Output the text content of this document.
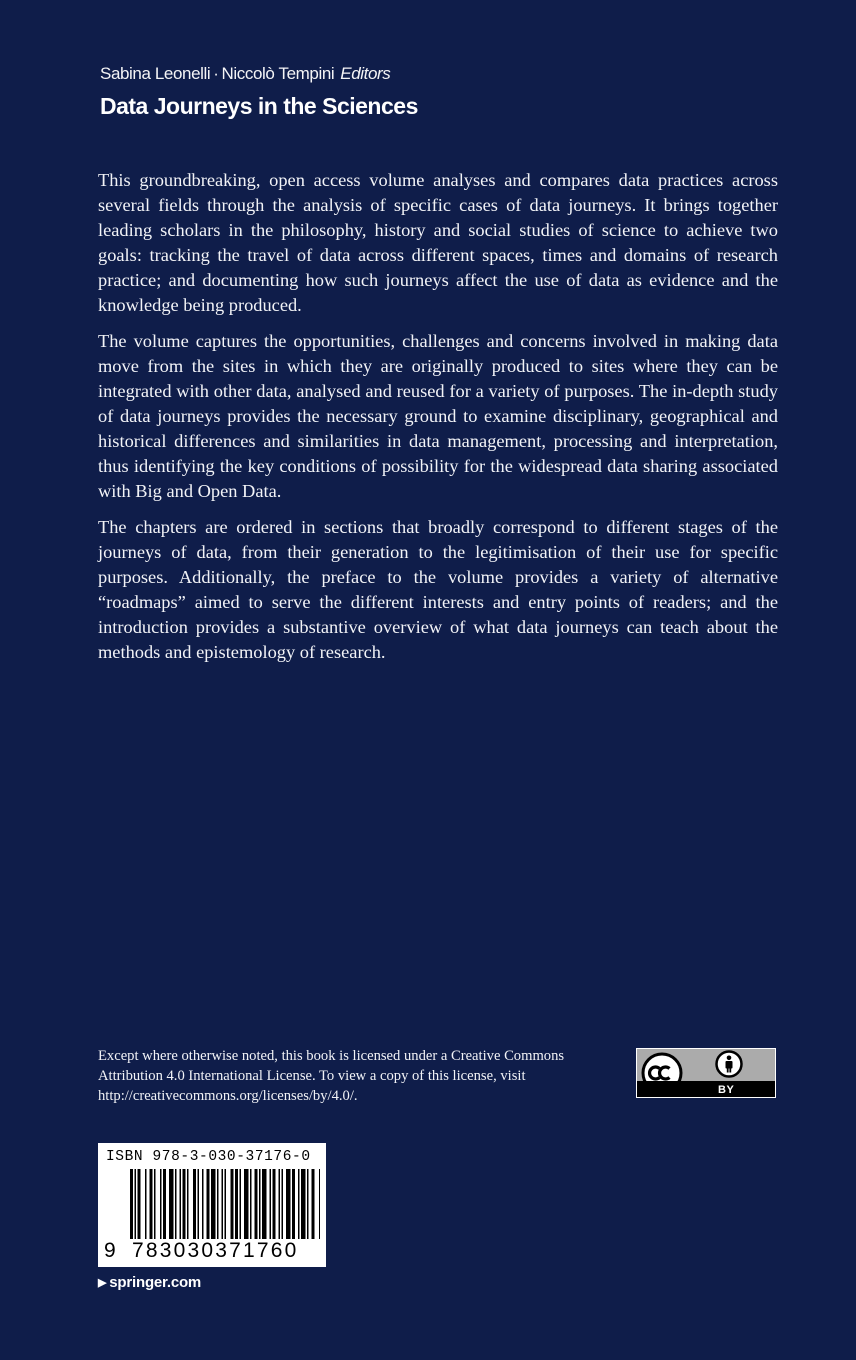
Sabina Leonelli · Niccolò Tempini Editors
Data Journeys in the Sciences

This groundbreaking, open access volume analyses and compares data practices across several fields through the analysis of specific cases of data journeys. It brings together leading scholars in the philosophy, history and social studies of science to achieve two goals: tracking the travel of data across different spaces, times and domains of research practice; and documenting how such journeys affect the use of data as evidence and the knowledge being produced.

The volume captures the opportunities, challenges and concerns involved in making data move from the sites in which they are originally produced to sites where they can be integrated with other data, analysed and reused for a variety of purposes. The in-depth study of data journeys provides the necessary ground to examine disciplinary, geographical and historical differences and similarities in data management, processing and interpretation, thus identifying the key conditions of possibility for the widespread data sharing associated with Big and Open Data.

The chapters are ordered in sections that broadly correspond to different stages of the journeys of data, from their generation to the legitimisation of their use for specific purposes. Additionally, the preface to the volume provides a variety of alternative “roadmaps” aimed to serve the different interests and entry points of readers; and the introduction provides a substantive overview of what data journeys can teach about the methods and epistemology of research.

Except where otherwise noted, this book is licensed under a Creative Commons Attribution 4.0 International License. To view a copy of this license, visit http://creativecommons.org/licenses/by/4.0/.	BY
ISBN 978-3-030-37176-0
9 783030371760
▶ springer.com
